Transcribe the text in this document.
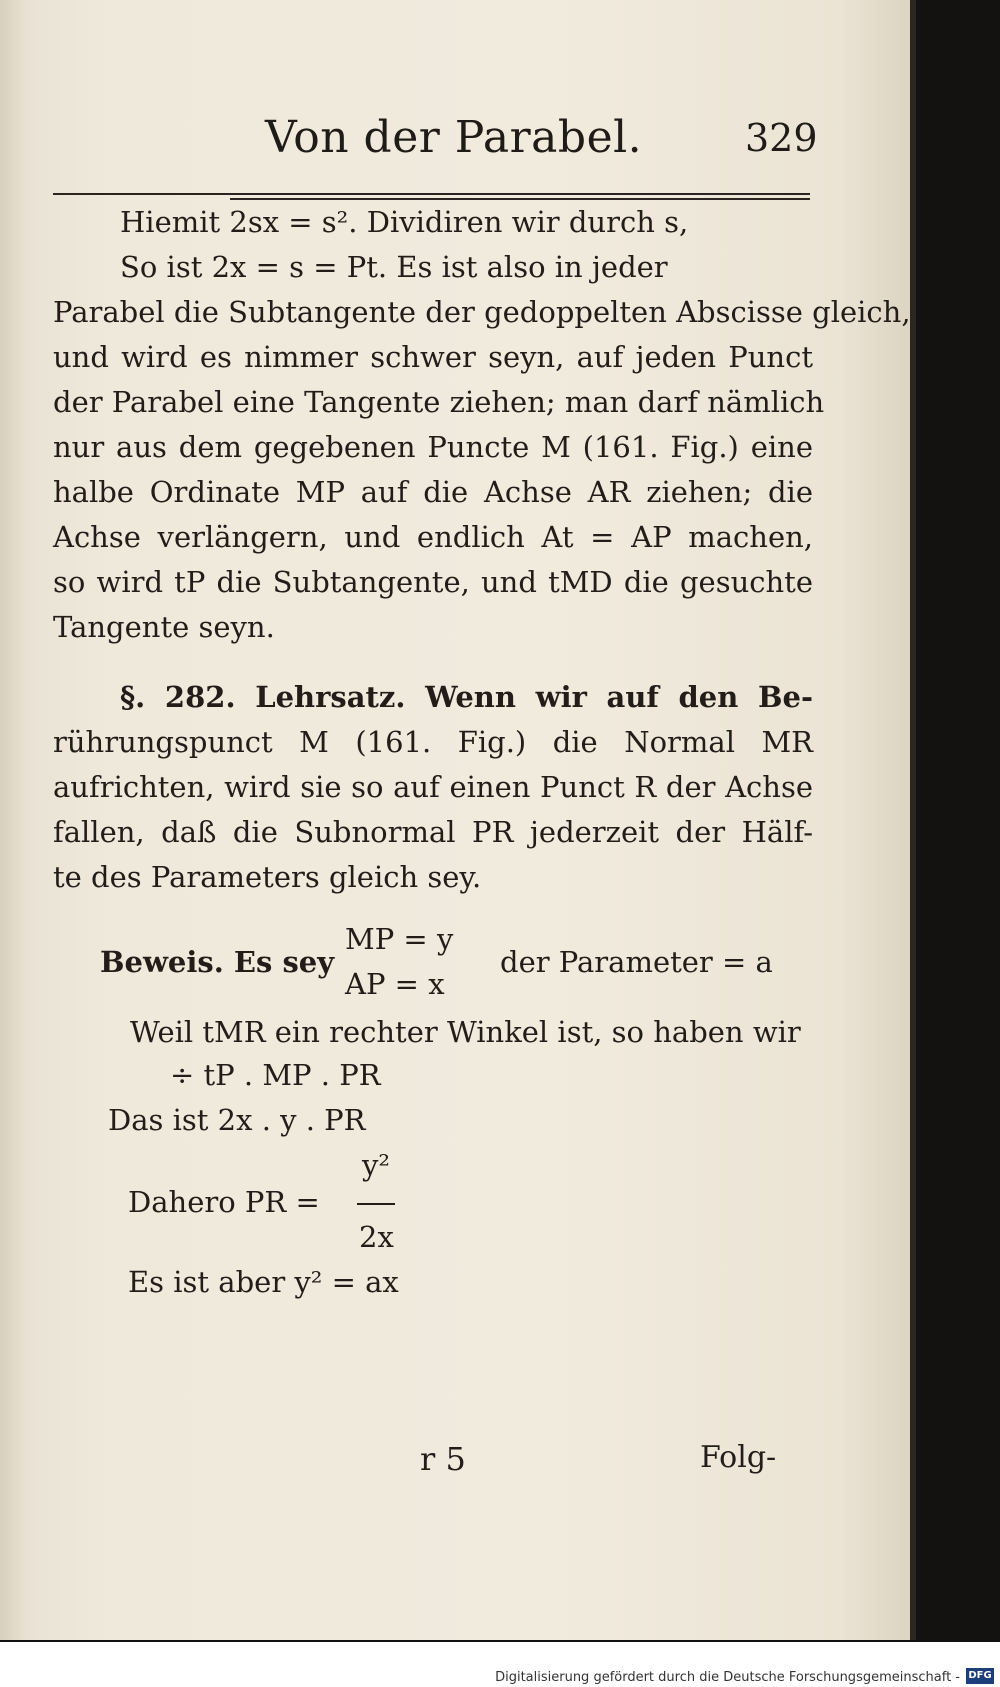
Von der Parabel.	329
Hiemit 2sx = s². Dividiren wir durch s,
So ist 2x = s = Pt. Es ist also in jeder
Parabel die Subtangente der gedoppelten Abscisse gleich,
und wird es nimmer schwer seyn, auf jeden Punct
der Parabel eine Tangente ziehen; man darf nämlich
nur aus dem gegebenen Puncte M (161. Fig.) eine
halbe Ordinate MP auf die Achse AR ziehen; die
Achse verlängern, und endlich At = AP machen,
so wird tP die Subtangente, und tMD die gesuchte
Tangente seyn.
§. 282. Lehrsatz. Wenn wir auf den Be-
rührungspunct M (161. Fig.) die Normal MR
aufrichten, wird sie so auf einen Punct R der Achse
fallen, daß die Subnormal PR jederzeit der Hälf-
te des Parameters gleich sey.
Beweis. Es sey
MP = y
AP = x
der Parameter = a
Weil tMR ein rechter Winkel ist, so haben wir
÷ tP . MP . PR
Das ist 2x . y . PR
Dahero PR =
y²
2x
Es ist aber y² = ax
r 5	Folg-
Digitalisierung gefördert durch die Deutsche Forschungsgemeinschaft - DFG
